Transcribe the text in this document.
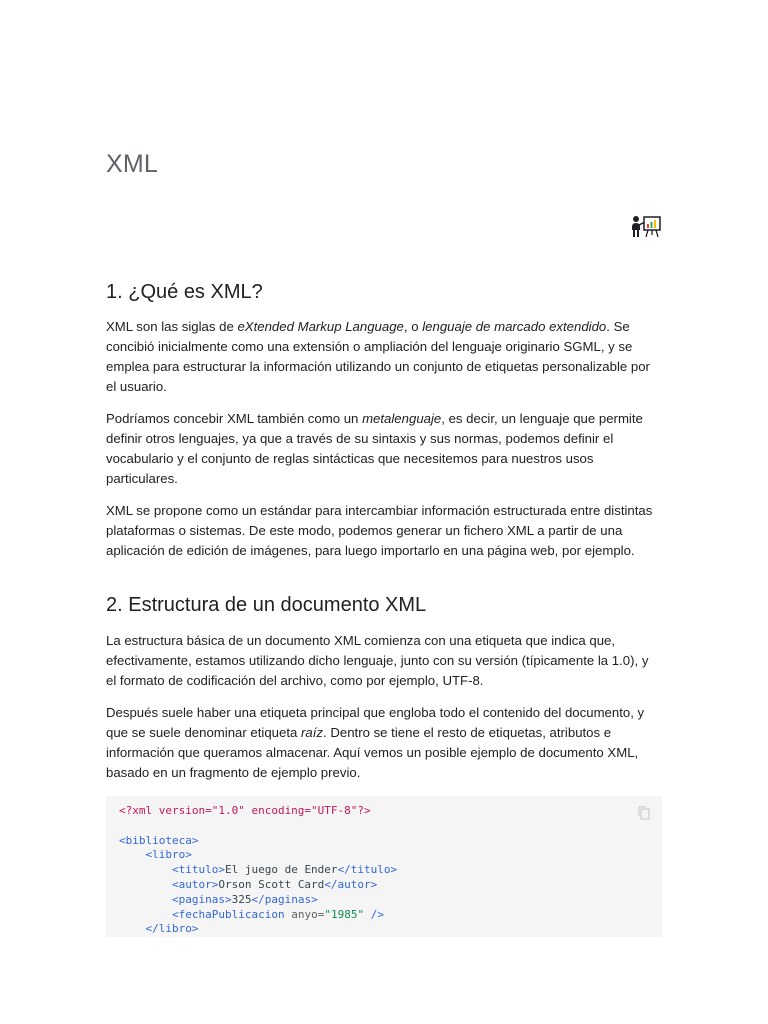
XML
1. ¿Qué es XML?

XML son las siglas de eXtended Markup Language, o lenguaje de marcado extendido. Se concibió inicialmente como una extensión o ampliación del lenguaje originario SGML, y se emplea para estructurar la información utilizando un conjunto de etiquetas personalizable por el usuario.

Podríamos concebir XML también como un metalenguaje, es decir, un lenguaje que permite definir otros lenguajes, ya que a través de su sintaxis y sus normas, podemos definir el vocabulario y el conjunto de reglas sintácticas que necesitemos para nuestros usos particulares.

XML se propone como un estándar para intercambiar información estructurada entre distintas plataformas o sistemas. De este modo, podemos generar un fichero XML a partir de una aplicación de edición de imágenes, para luego importarlo en una página web, por ejemplo.

2. Estructura de un documento XML

La estructura básica de un documento XML comienza con una etiqueta que indica que, efectivamente, estamos utilizando dicho lenguaje, junto con su versión (típicamente la 1.0), y el formato de codificación del archivo, como por ejemplo, UTF-8.

Después suele haber una etiqueta principal que engloba todo el contenido del documento, y que se suele denominar etiqueta raíz. Dentro se tiene el resto de etiquetas, atributos e información que queramos almacenar. Aquí vemos un posible ejemplo de documento XML, basado en un fragmento de ejemplo previo.

<?xml version="1.0" encoding="UTF-8"?>

<biblioteca>
<libro>
<titulo>El juego de Ender</titulo>
<autor>Orson Scott Card</autor>
<paginas>325</paginas>
<fechaPublicacion anyo="1985" />
</libro>
